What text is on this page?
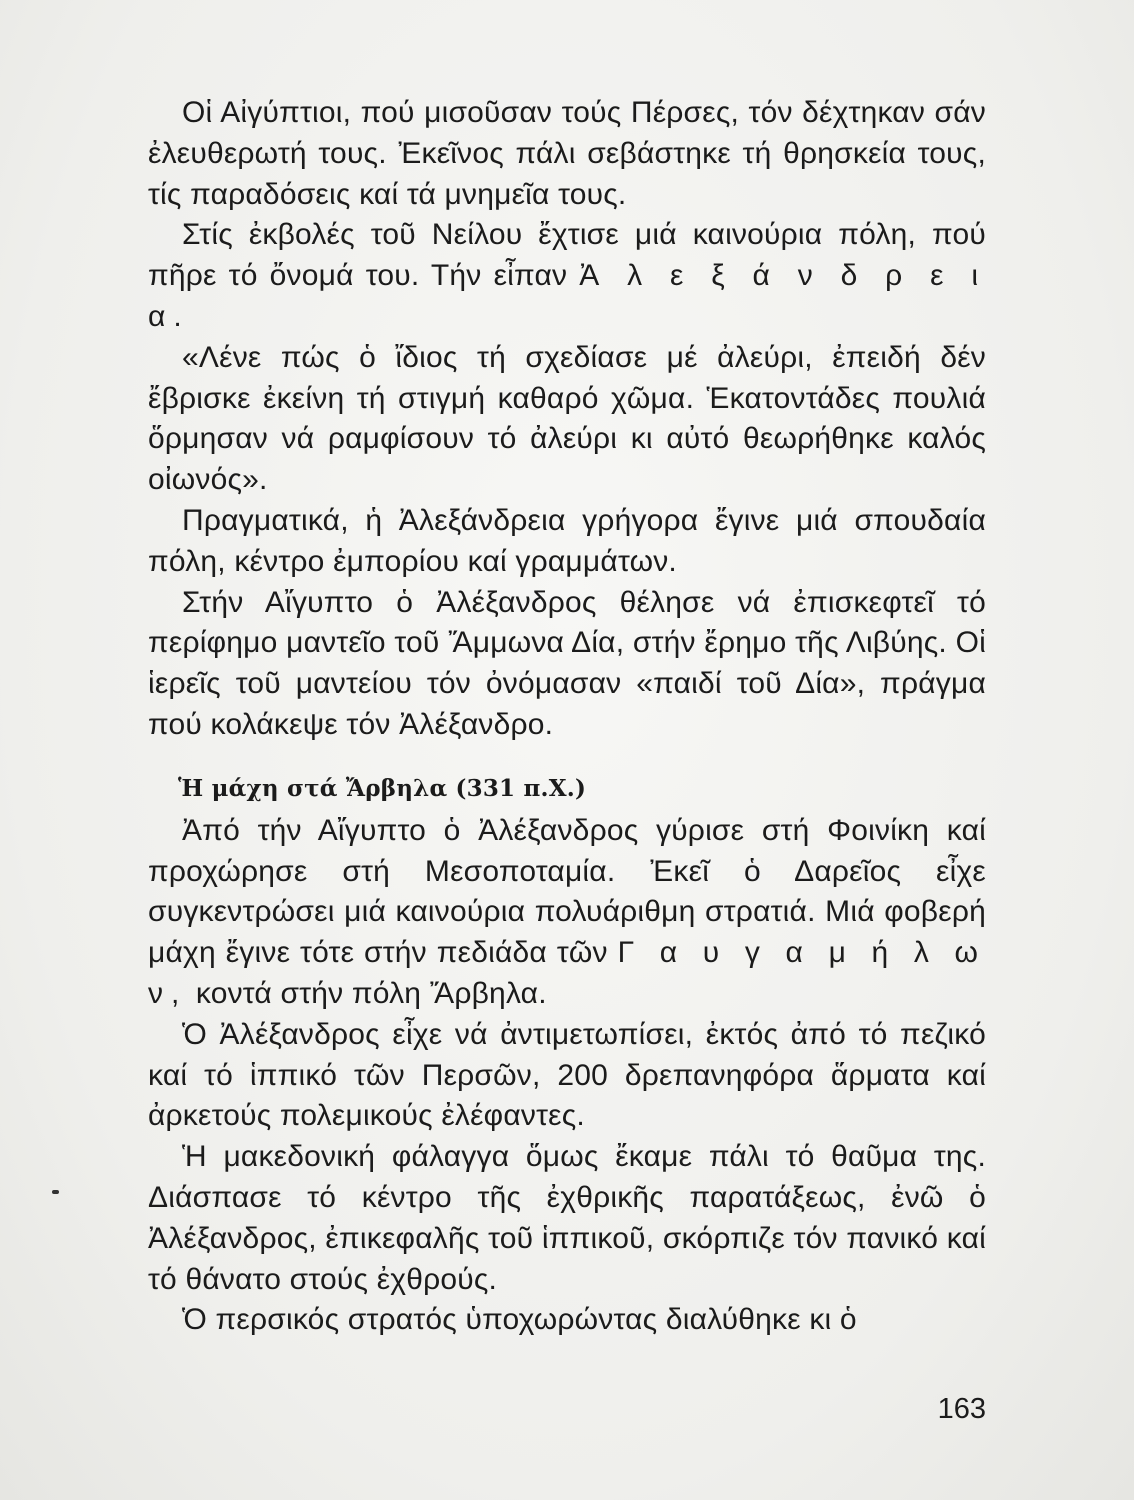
Οἱ Αἰγύπτιοι, πού μισοῦσαν τούς Πέρσες, τόν δέχτηκαν σάν ἐλευθερωτή τους. Ἐκεῖνος πάλι σεβάστηκε τή θρησκεία τους, τίς παραδόσεις καί τά μνημεῖα τους.

Στίς ἐκβολές τοῦ Νείλου ἔχτισε μιά καινούρια πόλη, πού πῆρε τό ὄνομά του. Τήν εἶπαν Ἀ λ ε ξ ά ν δ ρ ε ι α.

«Λένε πώς ὁ ἴδιος τή σχεδίασε μέ ἀλεύρι, ἐπειδή δέν ἔβρισκε ἐκείνη τή στιγμή καθαρό χῶμα. Ἑκατοντάδες πουλιά ὅρμησαν νά ραμφίσουν τό ἀλεύρι κι αὐτό θεωρήθηκε καλός οἰωνός».

Πραγματικά, ἡ Ἀλεξάνδρεια γρήγορα ἔγινε μιά σπουδαία πόλη, κέντρο ἐμπορίου καί γραμμάτων.

Στήν Αἴγυπτο ὁ Ἀλέξανδρος θέλησε νά ἐπισκεφτεῖ τό περίφημο μαντεῖο τοῦ Ἄμμωνα Δία, στήν ἔρημο τῆς Λιβύης. Οἱ ἱερεῖς τοῦ μαντείου τόν ὀνόμασαν «παιδί τοῦ Δία», πράγμα πού κολάκεψε τόν Ἀλέξανδρο.

Ἡ μάχη στά Ἄρβηλα (331 π.Χ.)

Ἀπό τήν Αἴγυπτο ὁ Ἀλέξανδρος γύρισε στή Φοινίκη καί προχώρησε στή Μεσοποταμία. Ἐκεῖ ὁ Δαρεῖος εἶχε συγκεντρώσει μιά καινούρια πολυάριθμη στρατιά. Μιά φοβερή μάχη ἔγινε τότε στήν πεδιάδα τῶν Γ α υ γ α μ ή λ ω ν, κοντά στήν πόλη Ἄρβηλα.

Ὁ Ἀλέξανδρος εἶχε νά ἀντιμετωπίσει, ἐκτός ἀπό τό πεζικό καί τό ἱππικό τῶν Περσῶν, 200 δρεπανηφόρα ἅρματα καί ἀρκετούς πολεμικούς ἐλέφαντες.

Ἡ μακεδονική φάλαγγα ὅμως ἔκαμε πάλι τό θαῦμα της. Διάσπασε τό κέντρο τῆς ἐχθρικῆς παρατάξεως, ἐνῶ ὁ Ἀλέξανδρος, ἐπικεφαλῆς τοῦ ἱππικοῦ, σκόρπιζε τόν πανικό καί τό θάνατο στούς ἐχθρούς.

Ὁ περσικός στρατός ὑποχωρώντας διαλύθηκε κι ὁ

163
